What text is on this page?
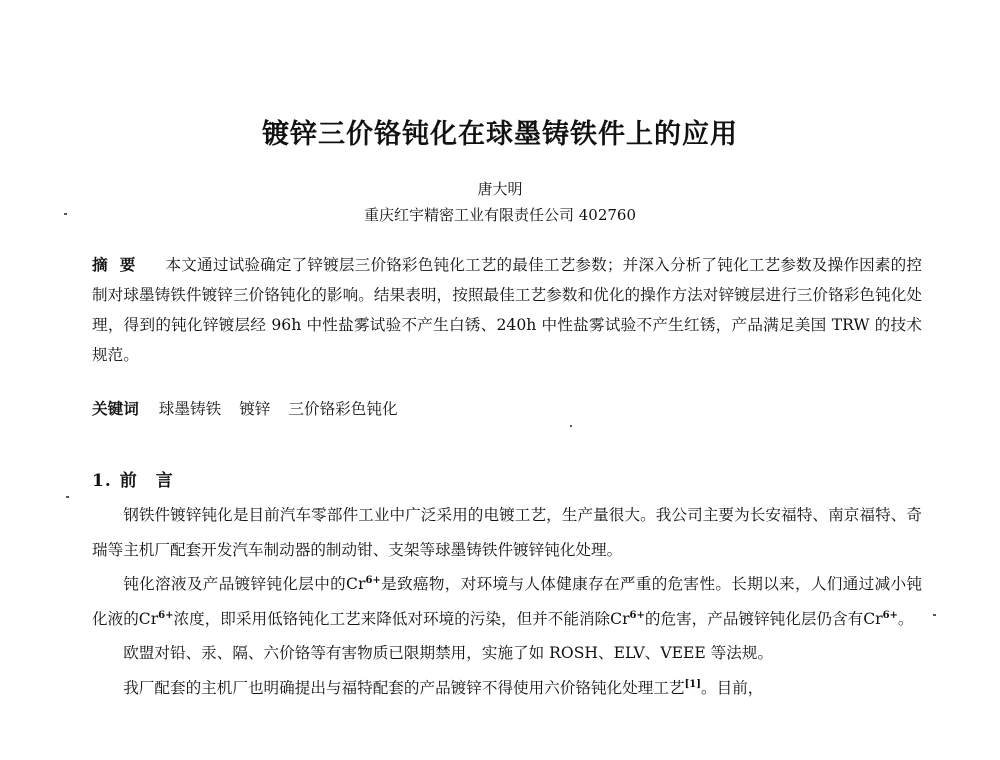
镀锌三价铬钝化在球墨铸铁件上的应用
唐大明
重庆红宇精密工业有限责任公司 402760
摘要 本文通过试验确定了锌镀层三价铬彩色钝化工艺的最佳工艺参数；并深入分析了钝化工艺参数及操作因素的控制对球墨铸铁件镀锌三价铬钝化的影响。结果表明，按照最佳工艺参数和优化的操作方法对锌镀层进行三价铬彩色钝化处理，得到的钝化锌镀层经 96h 中性盐雾试验不产生白锈、240h 中性盐雾试验不产生红锈，产品满足美国 TRW 的技术规范。
关键词 球墨铸铁 镀锌 三价铬彩色钝化
1. 前 言

钢铁件镀锌钝化是目前汽车零部件工业中广泛采用的电镀工艺，生产量很大。我公司主要为长安福特、南京福特、奇瑞等主机厂配套开发汽车制动器的制动钳、支架等球墨铸铁件镀锌钝化处理。

钝化溶液及产品镀锌钝化层中的$Cr^{6+}$是致癌物，对环境与人体健康存在严重的危害性。长期以来，人们通过减小钝化液的$Cr^{6+}$浓度，即采用低铬钝化工艺来降低对环境的污染，但并不能消除$Cr^{6+}$的危害，产品镀锌钝化层仍含有$Cr^{6+}$。

欧盟对铅、汞、隔、六价铬等有害物质已限期禁用，实施了如 ROSH、ELV、VEEE 等法规。

我厂配套的主机厂也明确提出与福特配套的产品镀锌不得使用六价铬钝化处理工艺[1]。目前，
